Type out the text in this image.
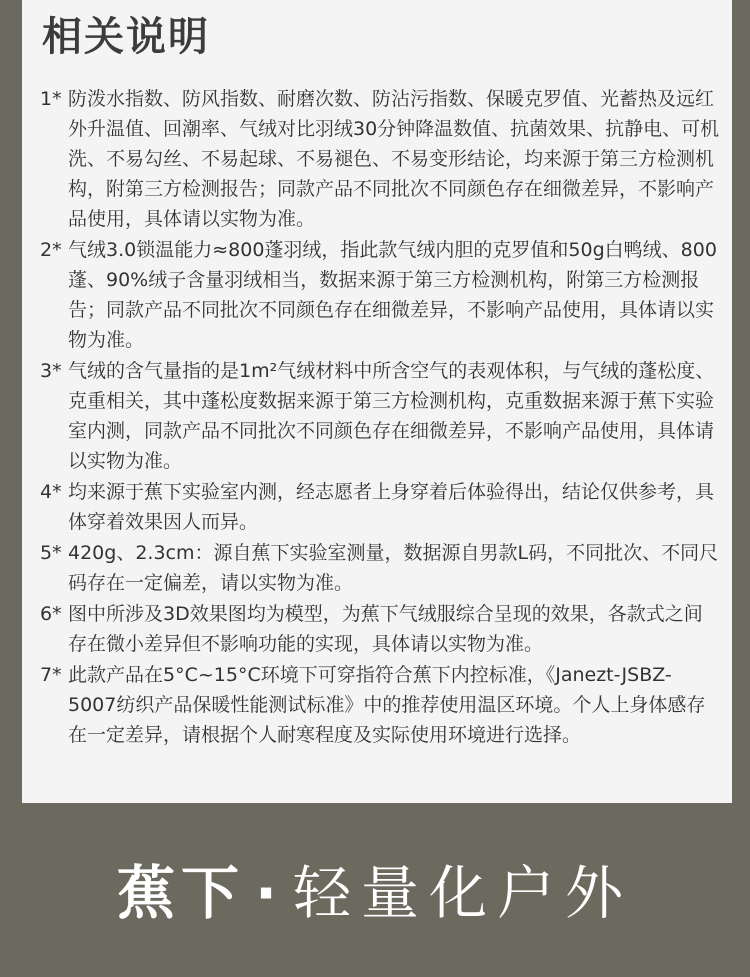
相关说明
1* 防泼水指数、防风指数、耐磨次数、防沾污指数、保暖克罗值、光蓄热及远红外升温值、回潮率、气绒对比羽绒30分钟降温数值、抗菌效果、抗静电、可机洗、不易勾丝、不易起球、不易褪色、不易变形结论，均来源于第三方检测机构，附第三方检测报告；同款产品不同批次不同颜色存在细微差异，不影响产品使用，具体请以实物为准。
2* 气绒3.0锁温能力≈800蓬羽绒，指此款气绒内胆的克罗值和50g白鸭绒、800蓬、90%绒子含量羽绒相当，数据来源于第三方检测机构，附第三方检测报告；同款产品不同批次不同颜色存在细微差异，不影响产品使用，具体请以实物为准。
3* 气绒的含气量指的是1m²气绒材料中所含空气的表观体积，与气绒的蓬松度、克重相关，其中蓬松度数据来源于第三方检测机构，克重数据来源于蕉下实验室内测，同款产品不同批次不同颜色存在细微差异，不影响产品使用，具体请以实物为准。
4* 均来源于蕉下实验室内测，经志愿者上身穿着后体验得出，结论仅供参考，具体穿着效果因人而异。
5* 420g、2.3cm：源自蕉下实验室测量，数据源自男款L码，不同批次、不同尺码存在一定偏差，请以实物为准。
6* 图中所涉及3D效果图均为模型，为蕉下气绒服综合呈现的效果，各款式之间存在微小差异但不影响功能的实现，具体请以实物为准。
7* 此款产品在5°C~15°C环境下可穿指符合蕉下内控标准，《Janezt-JSBZ-5007纺织产品保暖性能测试标准》中的推荐使用温区环境。个人上身体感存在一定差异，请根据个人耐寒程度及实际使用环境进行选择。
蕉下 · 轻量化户外
